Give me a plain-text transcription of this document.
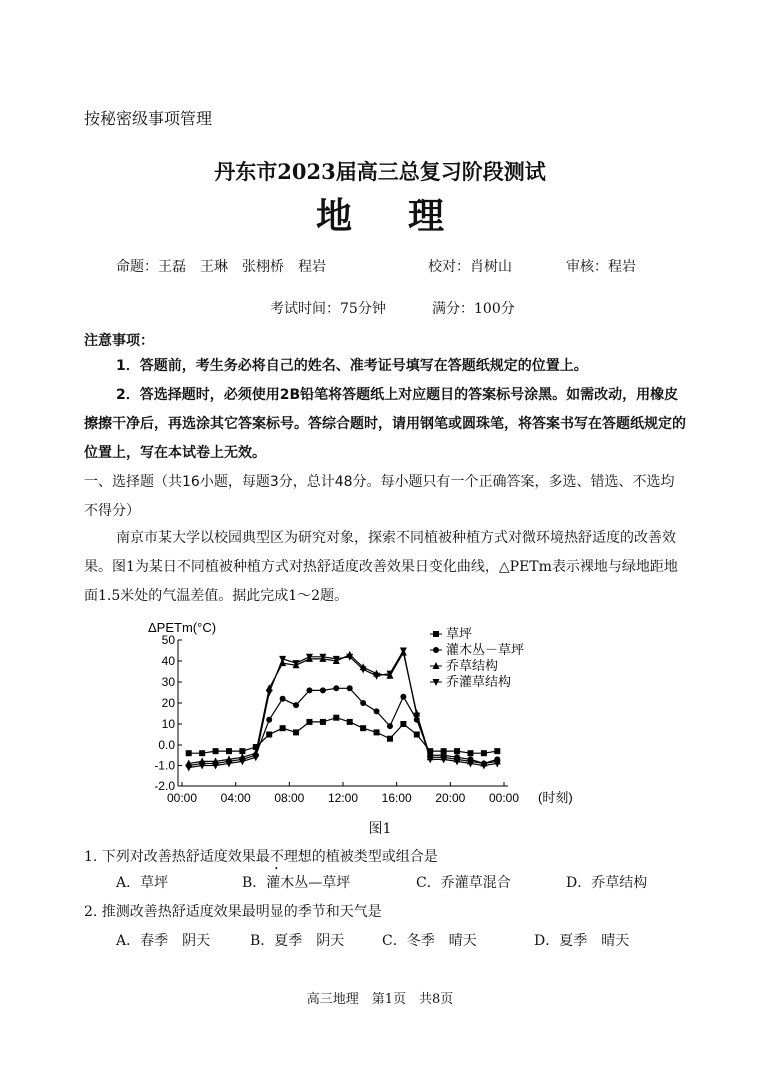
按秘密级事项管理
丹东市2023届高三总复习阶段测试
地理
命题：王磊　王琳　张栩桥　程岩	校对：肖树山	审核：程岩
考试时间：75分钟	满分：100分
注意事项：
1．答题前，考生务必将自己的姓名、准考证号填写在答题纸规定的位置上。
2．答选择题时，必须使用2B铅笔将答题纸上对应题目的答案标号涂黑。如需改动，用橡皮擦擦干净后，再选涂其它答案标号。答综合题时，请用钢笔或圆珠笔，将答案书写在答题纸规定的位置上，写在本试卷上无效。
一、选择题（共16小题，每题3分，总计48分。每小题只有一个正确答案，多选、错选、不选均不得分）
南京市某大学以校园典型区为研究对象，探索不同植被种植方式对微环境热舒适度的改善效果。图1为某日不同植被种植方式对热舒适度改善效果日变化曲线，△PETm表示裸地与绿地距地面1.5米处的气温差值。据此完成1～2题。
50
40
30
20
10
0.0
-1.0
-2.0
ΔPETm(°C)
00:00 04:00 08:00 12:00 16:00 20:00 00:00 (时刻)
草坪
灌木丛－草坪
乔草结构
乔灌草结构
图1
1. 下列对改善热舒适度效果最不理想的植被类型或组合是
A．草坪	B．灌木丛—草坪	C．乔灌草混合	D．乔草结构
2. 推测改善热舒适度效果最明显的季节和天气是
A．春季　阴天	B．夏季　阴天	C．冬季　晴天	D．夏季　晴天
高三地理　第1页　共8页
